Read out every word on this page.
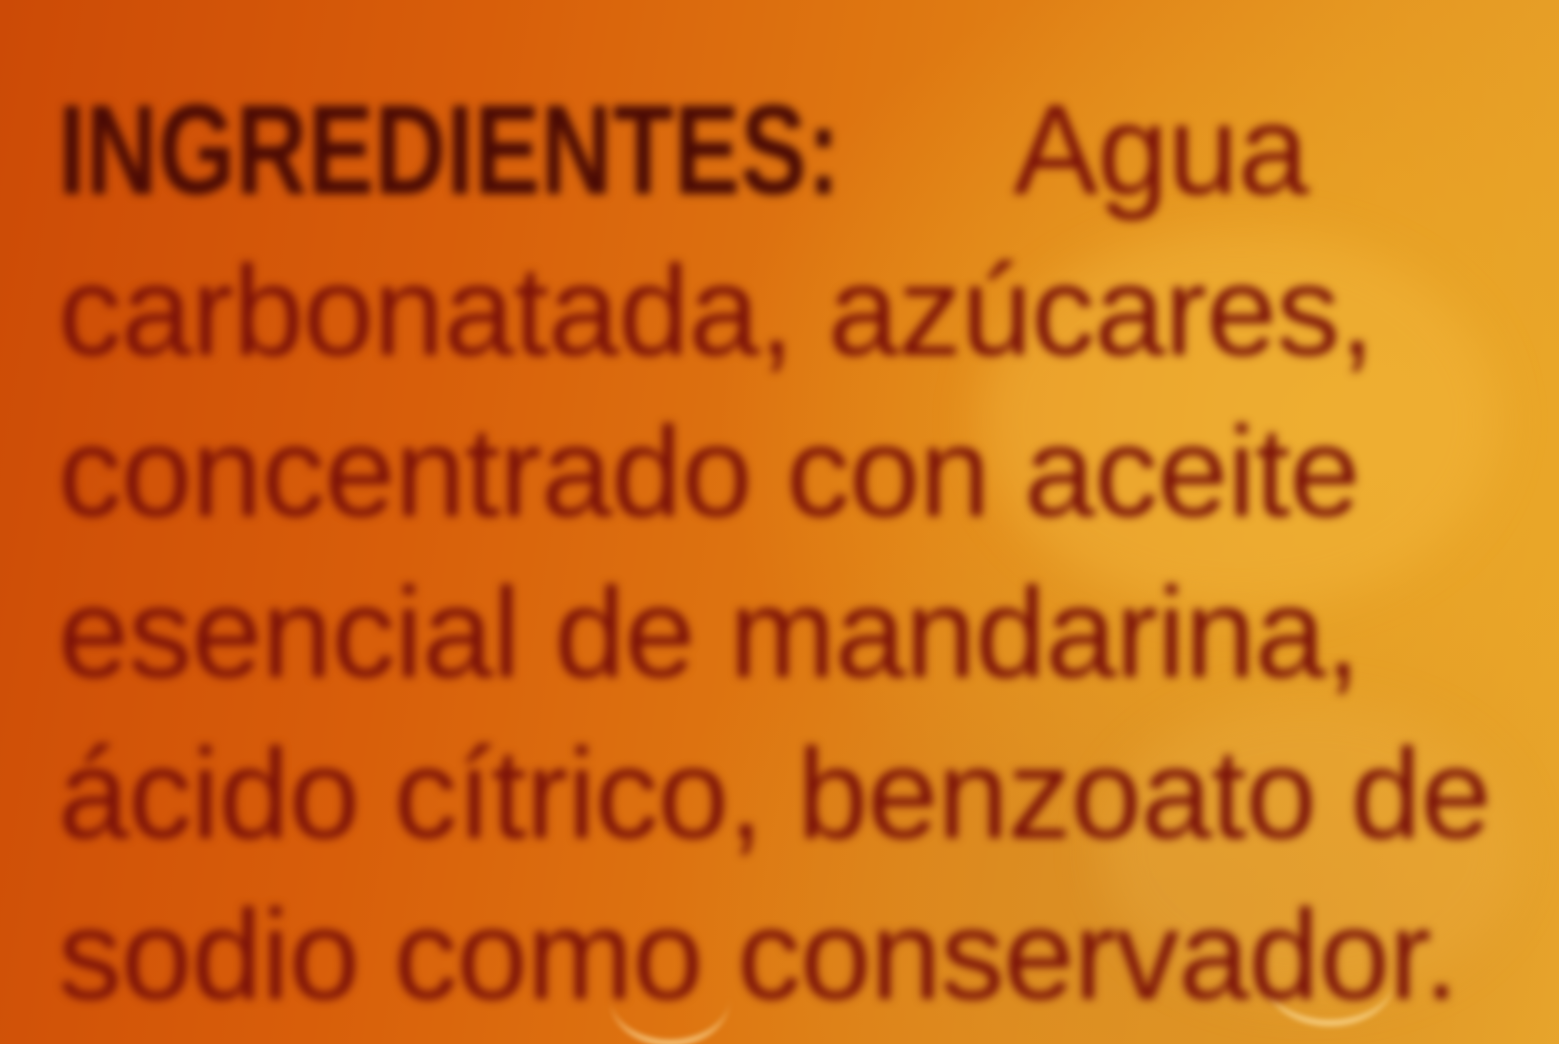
INGREDIENTES:	Agua
carbonatada, azúcares,
concentrado con aceite
esencial de mandarina,
ácido cítrico, benzoato de
sodio como conservador.
